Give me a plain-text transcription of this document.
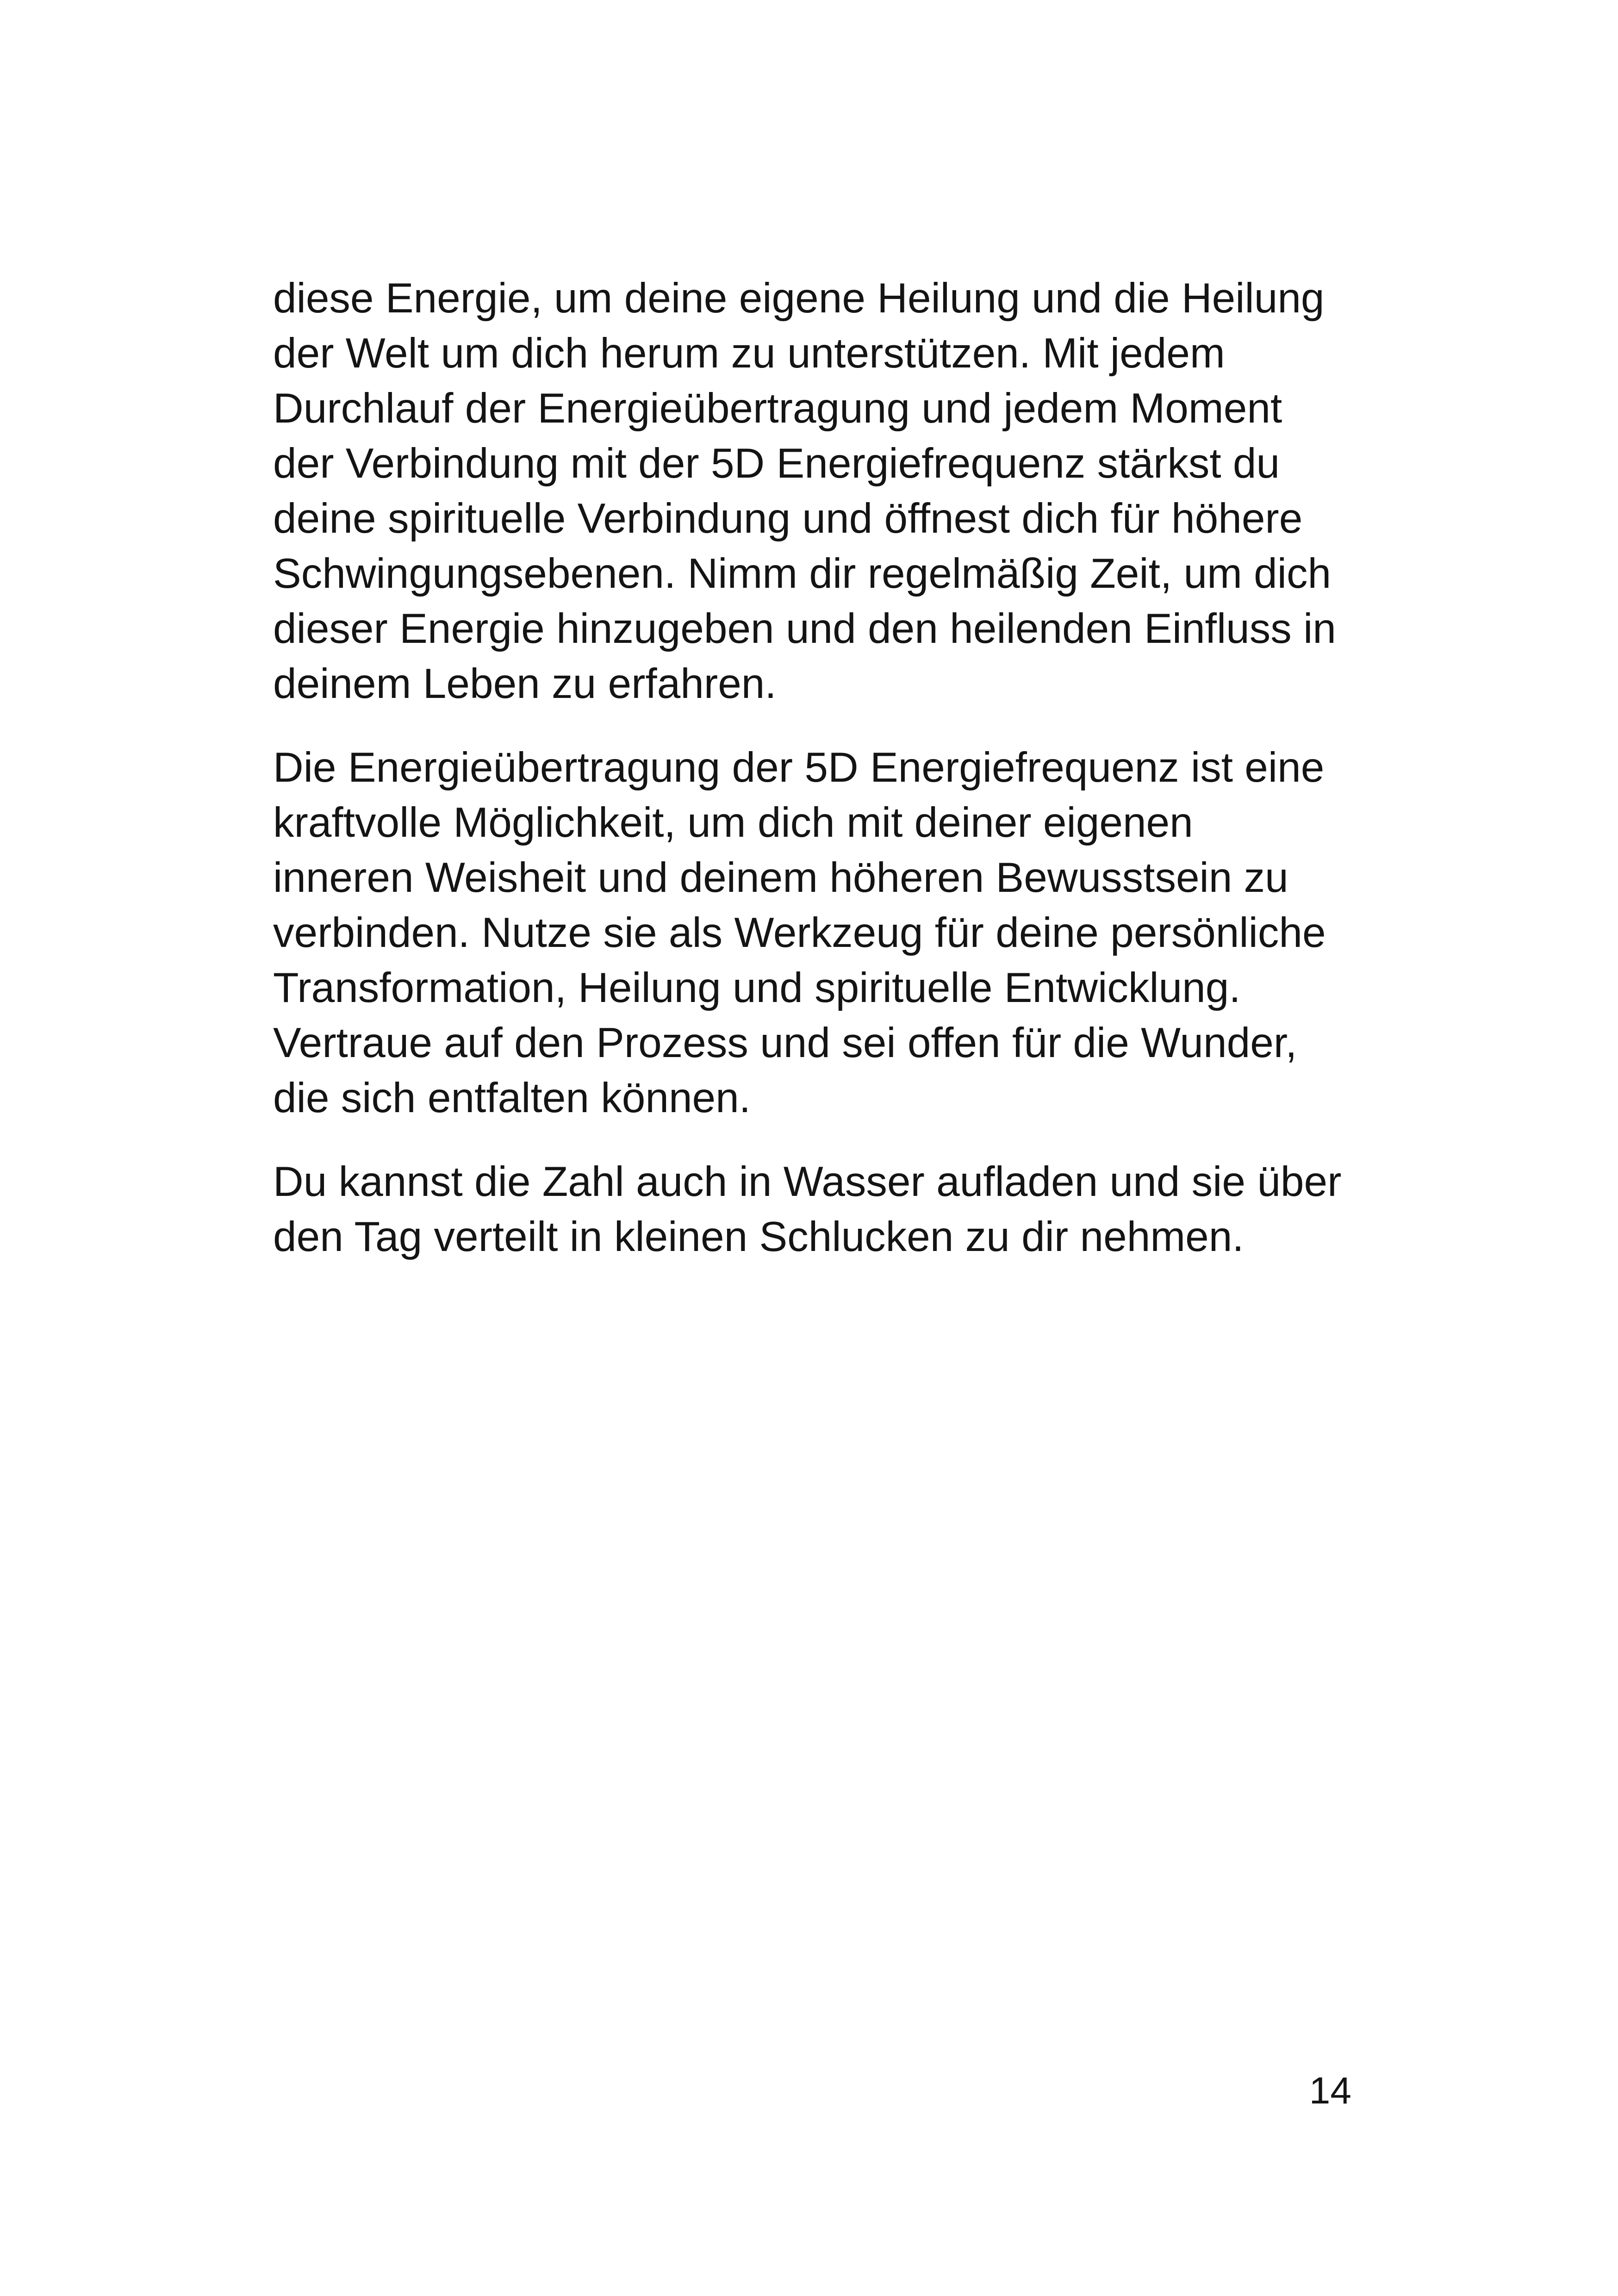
diese Energie, um deine eigene Heilung und die Heilung
der Welt um dich herum zu unterstützen. Mit jedem
Durchlauf der Energieübertragung und jedem Moment
der Verbindung mit der 5D Energiefrequenz stärkst du
deine spirituelle Verbindung und öffnest dich für höhere
Schwingungsebenen. Nimm dir regelmäßig Zeit, um dich
dieser Energie hinzugeben und den heilenden Einfluss in
deinem Leben zu erfahren.

Die Energieübertragung der 5D Energiefrequenz ist eine
kraftvolle Möglichkeit, um dich mit deiner eigenen
inneren Weisheit und deinem höheren Bewusstsein zu
verbinden. Nutze sie als Werkzeug für deine persönliche
Transformation, Heilung und spirituelle Entwicklung.
Vertraue auf den Prozess und sei offen für die Wunder,
die sich entfalten können.

Du kannst die Zahl auch in Wasser aufladen und sie über
den Tag verteilt in kleinen Schlucken zu dir nehmen.

14
